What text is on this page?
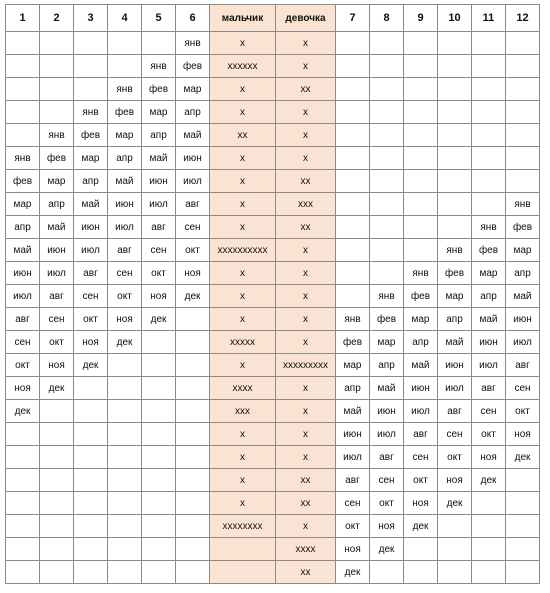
1	2	3	4	5	6	мальчик	девочка	7	8	9	10	11	12
					янв	х	х						
				янв	фев	хххххх	х						
			янв	фев	мар	х	хх						
		янв	фев	мар	апр	х	х						
	янв	фев	мар	апр	май	хх	х						
янв	фев	мар	апр	май	июн	х	х						
фев	мар	апр	май	июн	июл	х	хх						
мар	апр	май	июн	июл	авг	х	ххх						янв
апр	май	июн	июл	авг	сен	х	хх					янв	фев
май	июн	июл	авг	сен	окт	хххххххххх	х				янв	фев	мар
июн	июл	авг	сен	окт	ноя	х	х			янв	фев	мар	апр
июл	авг	сен	окт	ноя	дек	х	х		янв	фев	мар	апр	май
авг	сен	окт	ноя	дек		х	х	янв	фев	мар	апр	май	июн
сен	окт	ноя	дек			ххххх	х	фев	мар	апр	май	июн	июл
окт	ноя	дек				х	ххххххххх	мар	апр	май	июн	июл	авг
ноя	дек					хххх	х	апр	май	июн	июл	авг	сен
дек						ххх	х	май	июн	июл	авг	сен	окт
						х	х	июн	июл	авг	сен	окт	ноя
						х	х	июл	авг	сен	окт	ноя	дек
						х	хх	авг	сен	окт	ноя	дек	
						х	хх	сен	окт	ноя	дек		
						хххххххх	х	окт	ноя	дек			
							хххх	ноя	дек				
							хх	дек					
